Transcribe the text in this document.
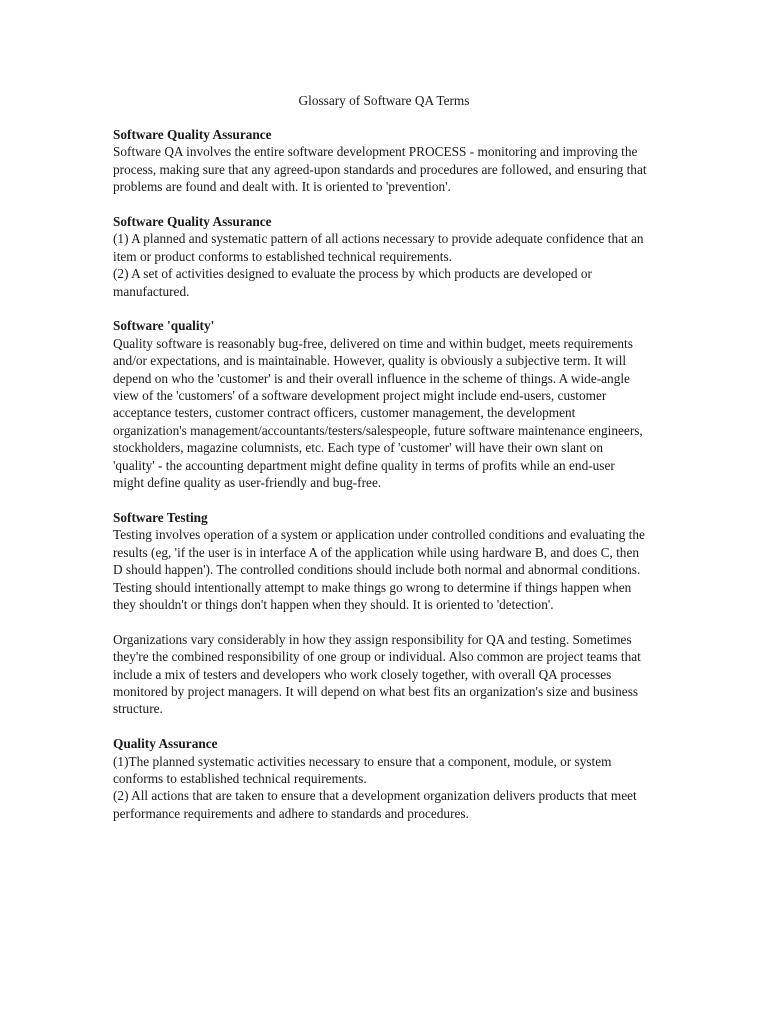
Glossary of Software QA Terms

Software Quality Assurance

Software QA involves the entire software development PROCESS - monitoring and improving the process, making sure that any agreed-upon standards and procedures are followed, and ensuring that problems are found and dealt with. It is oriented to 'prevention'.

Software Quality Assurance

(1) A planned and systematic pattern of all actions necessary to provide adequate confidence that an item or product conforms to established technical requirements.

(2) A set of activities designed to evaluate the process by which products are developed or manufactured.

Software 'quality'

Quality software is reasonably bug-free, delivered on time and within budget, meets requirements and/or expectations, and is maintainable. However, quality is obviously a subjective term. It will depend on who the 'customer' is and their overall influence in the scheme of things. A wide-angle view of the 'customers' of a software development project might include end-users, customer acceptance testers, customer contract officers, customer management, the development organization's management/accountants/testers/salespeople, future software maintenance engineers, stockholders, magazine columnists, etc. Each type of 'customer' will have their own slant on 'quality' - the accounting department might define quality in terms of profits while an end-user might define quality as user-friendly and bug-free.

Software Testing

Testing involves operation of a system or application under controlled conditions and evaluating the results (eg, 'if the user is in interface A of the application while using hardware B, and does C, then D should happen'). The controlled conditions should include both normal and abnormal conditions. Testing should intentionally attempt to make things go wrong to determine if things happen when they shouldn't or things don't happen when they should. It is oriented to 'detection'.

Organizations vary considerably in how they assign responsibility for QA and testing. Sometimes they're the combined responsibility of one group or individual. Also common are project teams that include a mix of testers and developers who work closely together, with overall QA processes monitored by project managers. It will depend on what best fits an organization's size and business structure.

Quality Assurance

(1)The planned systematic activities necessary to ensure that a component, module, or system conforms to established technical requirements.

(2) All actions that are taken to ensure that a development organization delivers products that meet performance requirements and adhere to standards and procedures.
